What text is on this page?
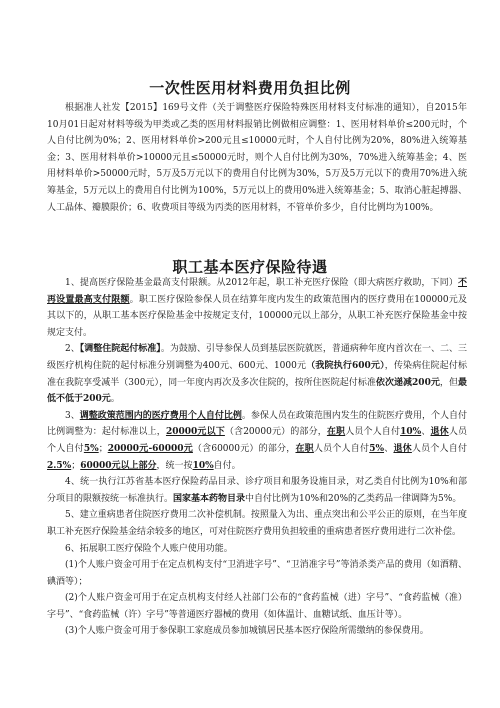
一次性医用材料费用负担比例

根据准人社发【2015】169号文件（关于调整医疗保险特殊医用材料支付标准的通知），自2015年10月01日起对材料等级为甲类或乙类的医用材料报销比例做相应调整：1、医用材料单价≤200元时，个人自付比例为0%；2、医用材料单价>200元且≤10000元时，个人自付比例为20%，80%进入统筹基金；3、医用材料单价>10000元且≤50000元时，则个人自付比例为30%，70%进入统筹基金；4、医用材料单价>50000元时，5万及5万元以下的费用自付比例为30%，5万及5万元以下的费用70%进入统筹基金，5万元以上的费用自付比例为100%，5万元以上的费用0%进入统筹基金；5、取消心脏起搏器、人工晶体、瓣膜限价；6、收费项目等级为丙类的医用材料，不管单价多少，自付比例均为100%。

职工基本医疗保险待遇

1、提高医疗保险基金最高支付限额。从2012年起，职工补充医疗保险（即大病医疗救助，下同）不再设置最高支付限额。职工医疗保险参保人员在结算年度内发生的政策范围内的医疗费用在100000元及其以下的，从职工基本医疗保险基金中按规定支付，100000元以上部分，从职工补充医疗保险基金中按规定支付。

2、【调整住院起付标准】。为鼓励、引导参保人员到基层医院就医，普通病种年度内首次在一、二、三级医疗机构住院的起付标准分别调整为400元、600元、1000元（我院执行600元），传染病住院起付标准在我院享受减半（300元），同一年度内再次及多次住院的，按所住医院起付标准依次递减200元，但最低不低于200元。

3、调整政策范围内的医疗费用个人自付比例。参保人员在政策范围内发生的住院医疗费用，个人自付比例调整为：起付标准以上，20000元以下（含20000元）的部分，在职人员个人自付10%、退休人员个人自付5%；20000元-60000元（含60000元）的部分，在职人员个人自付5%、退休人员个人自付2.5%；60000元以上部分，统一按10%自付。

4、统一执行江苏省基本医疗保险药品目录、诊疗项目和服务设施目录，对乙类自付比例为10%和部分项目的限额按统一标准执行。国家基本药物目录中自付比例为10%和20%的乙类药品一律调降为5%。

5、建立重病患者住院医疗费用二次补偿机制。按照量入为出、重点突出和公平公正的原则，在当年度职工补充医疗保险基金结余较多的地区，可对住院医疗费用负担较重的重病患者医疗费用进行二次补偿。

6、拓展职工医疗保险个人账户使用功能。

(1)个人账户资金可用于在定点机构支付“卫消进字号”、“卫消准字号”等消杀类产品的费用（如酒精、碘酒等）；

(2)个人账户资金可用于在定点机构支付经人社部门公布的“食药监械（进）字号”、“食药监械（准）字号”、“食药监械（许）字号”等普通医疗器械的费用（如体温计、血糖试纸、血压计等）。

(3)个人账户资金可用于参保职工家庭成员参加城镇居民基本医疗保险所需缴纳的参保费用。
